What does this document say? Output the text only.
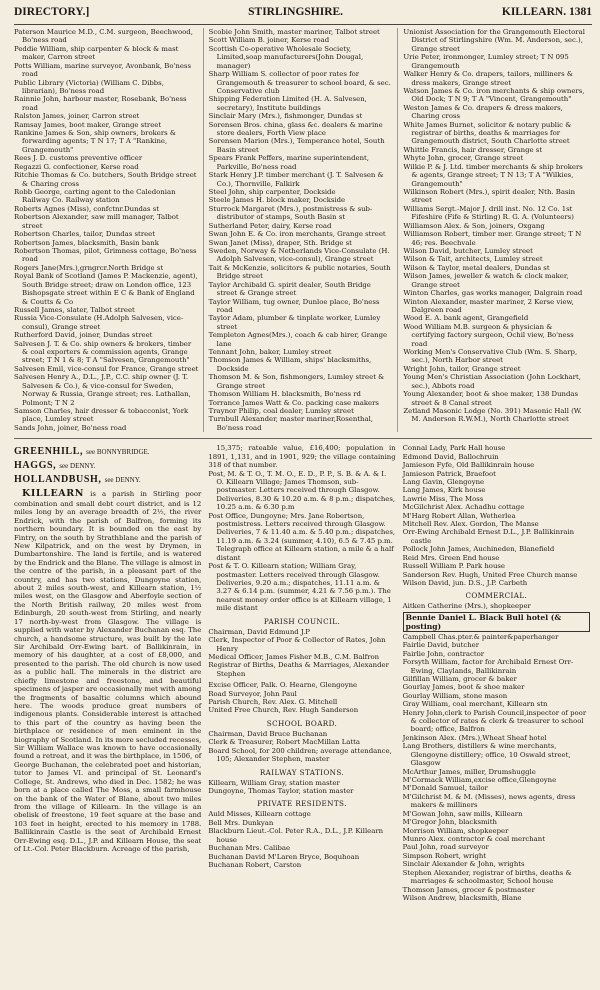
DIRECTORY.]	STIRLINGSHIRE.	KILLEARN. 1381

Paterson Maurice M.D., C.M. surgeon, Beechwood, Bo'ness road

Peddie William, ship carpenter & block & mast maker, Carron street

Potts William, marine surveyor, Avonbank, Bo'ness road

Public Library (Victoria) (William C. Dibbs, librarian), Bo'ness road

Rainnie John, harbour master, Rosebank, Bo'ness road

Ralston James, joiner, Carron street

Ramsay James, boot maker, Grange street

Rankine James & Son, ship owners, brokers & forwarding agents; T N 17; T A "Rankine, Grangemouth"

Rees J. D. customs preventive officer

Regazzi G. confectioner, Kerse road

Ritchie Thomas & Co. butchers, South Bridge street & Charing cross

Robb George, carting agent to the Caledonian Railway Co. Railway station

Roberts Agnes (Miss), confctnr.Dundas st

Robertson Alexander, saw mill manager, Talbot street

Robertson Charles, tailor, Dundas street

Robertson James, blacksmith, Basin bank

Robertson Thomas, pilot, Grimness cottage, Bo'ness road

Rogers Jane(Mrs.),grngrcr.North Bridge st

Royal Bank of Scotland (James P. Mackenzie, agent), South Bridge street; draw on London office, 123 Bishopsgate street within E C & Bank of England & Coutts & Co

Russell James, slater, Talbot street

Russia Vice-Consulate (H.Adolph Salvesen, vice-consul), Grange street

Rutherford David, joiner, Dundas street

Salvesen J. T. & Co. ship owners & brokers, timber & coal exporters & commission agents, Grange street; T N 1 & 8; T A "Salvesen, Grangemouth"

Salvesen Emil, vice-consul for France, Grange street

Salvesen Henry A., D.L., J.P., C.C. ship owner (J. T. Salvesen & Co.), & vice-consul for Sweden, Norway & Russia, Grange street; res. Lathallan, Polmont; T N 2

Samson Charles, hair dresser & tobacconist, York place, Lumley street

Sands John, joiner, Bo'ness road

Scobie John Smith, master mariner, Talbot street

Scott William B. joiner, Kerse road

Scottish Co-operative Wholesale Society, Limited,soap manufacturers(John Dougal, manager)

Sharp William S. collector of poor rates for Grangemouth & treasurer to school board, & sec. Conservative club

Shipping Federation Limited (H. A. Salvesen, secretary), Institute buildings

Sinclair Mary (Mrs.), fishmonger, Dundas st

Sorensen Bros. china, glass &c. dealers & marine store dealers, Forth View place

Sorensen Marion (Mrs.), Temperance hotel, South Basin street

Spears Frank Peffers, marine superintendent, Parkville, Bo'ness road

Stark Henry J.P. timber merchant (J. T. Salvesen & Co.), Thornville, Falkirk

Steel John, ship carpenter, Dockside

Steele James H. block maker, Dockside

Sturrock Margaret (Mrs.), postmistress & sub-distributor of stamps, South Basin st

Sutherland Peter, dairy, Kerse road

Swan John E. & Co. iron merchants, Grange street

Swan Janet (Miss), draper, Sth. Bridge st

Sweden, Norway & Netherlands Vice-Consulate (H. Adolph Salvesen, vice-consul), Grange street

Tait & McKenzie, solicitors & public notaries, South Bridge street

Taylor Archibald G. spirit dealer, South Bridge street & Grange street

Taylor William, tug owner, Dunloe place, Bo'ness road

Taylor Adam, plumber & tinplate worker, Lumley street

Templeton Agnes(Mrs.), coach & cab hirer, Grange lane

Tennant John, baker, Lumley street

Thomson James & William, ships' blacksmiths, Dockside

Thomson M. & Son, fishmongers, Lumley street & Grange street

Thomson William H. blacksmith, Bo'ness rd

Torrance James Watt & Co. packing case makers

Traynor Philip, coal dealer, Lumley street

Turnbull Alexander, master mariner,Rosenthal, Bo'ness road

Unionist Association for the Grangemouth Electoral District of Stirlingshire (Wm. M. Anderson, sec.), Grange street

Urie Peter, ironmonger, Lumley street; T N 095 Grangemouth

Walker Henry & Co. drapers, tailors, milliners & dress makers, Grange street

Watson James & Co. iron merchants & ship owners, Old Dock; T N 9; T A "Vincent, Grangemouth"

Weston James & Co. drapers & dress makers, Charing cross

White James Burnet, solicitor & notary public & registrar of births, deaths & marriages for Grangemouth district, South Charlotte street

Whittle Francis, hair dresser, Grange st

Whyte John, grocer, Grange street

Wilkie P. & J. Ltd. timber merchants & ship brokers & agents, Grange street; T N 13; T A "Wilkies, Grangemouth"

Wilkinson Robert (Mrs.), spirit dealer, Nth. Basin street

Williams Sergt.-Major J. drill inst. No. 12 Co. 1st Fifeshire (Fife & Stirling) R. G. A. (Volunteers)

Williamson Alex. & Son, joiners, Oxgang

Williamson Robert, timber mer. Grange street; T N 46; res. Beechvale

Wilson David, butcher, Lumley street

Wilson & Tait, architects, Lumley street

Wilson & Taylor, metal dealers, Dundas st

Wilson James, jeweller & watch & clock maker, Grange street

Winton Charles, gas works manager, Dalgrain road

Winton Alexander, master mariner, 2 Kerse view, Dalgreen road

Wood E. A. bank agent, Grangefield

Wood William M.B. surgeon & physician & certifying factory surgeon, Ochil view, Bo'ness road

Working Men's Conservative Club (Wm. S. Sharp, sec.), North Harbor street

Wright John, tailor, Grange street

Young Men's Christian Association (John Lockhart, sec.), Abbots road

Young Alexander, boot & shoe maker, 138 Dundas street & 8 Canal street

Zetland Masonic Lodge (No. 391) Masonic Hall (W. M. Anderson R.W.M.), North Charlotte street

GREENHILL, see BONNYBRIDGE.
HAGGS, see DENNY.
HOLLANDBUSH, see DENNY.

KILLEARN is a parish in Stirling poor combination and small debt court district, and is 12 miles long by an average breadth of 2½, the river Endrick, with the parish of Balfron, forming its northern boundary. It is bounded on the east by Fintry, on the south by Strathblane and the parish of New Kilpatrick, and on the west by Drymen, in Dumbartonshire. The land is fertile, and is watered by the Endrick and the Blane. The village is almost in the centre of the parish, in a pleasant part of the country, and has two stations, Dungoyne station, about 2 miles south-west, and Killearn station, 1½ miles west, on the Glasgow and Aberfoyle section of the North British railway, 20 miles west from Edinburgh, 20 south-west from Stirling, and nearly 17 north-by-west from Glasgow. The village is supplied with water by Alexander Buchanan esq. The church, a handsome structure, was built by the late Sir Archibald Orr-Ewing bart. of Ballikinrain, in memory of his daughter, at a cost of £8,000, and presented to the parish. The old church is now used as a public hall. The minerals in the district are chiefly limestone and freestone, and beautiful specimens of jasper are occasionally met with among the fragments of basaltic columns which abound here. The woods produce great numbers of indigenous plants. Considerable interest is attached to this part of the country as having been the birthplace or residence of men eminent in the biography of Scotland. In its more secluded recesses, Sir William Wallace was known to have occasionally found a retreat, and it was the birthplace, in 1506, of George Buchanan, the celebrated poet and historian, tutor to James VI. and principal of St. Leonard's College, St. Andrews, who died in Dec. 1582; he was born at a place called The Moss, a small farmhouse on the bank of the Water of Blane, about two miles from the village of Killearn. In the village is an obelisk of freestone, 19 feet square at the base and 103 feet in height, erected to his memory in 1788. Ballikinrain Castle is the seat of Archibald Ernest Orr-Ewing esq. D.L., J.P. and Killearn House, the seat of Lt.-Col. Peter Blackburn. Acreage of the parish,

15,375; rateable value, £16,400; population in 1891, 1,131, and in 1901, 929; the village containing 318 of that number.

Post, M. & T. O., T. M. O., E. D., P. P., S. B. & A. & I. O. Killearn Village; James Thomson, sub-postmaster. Letters received through Glasgow. Deliveries, 8.30 & 10.20 a.m. & 8 p.m.; dispatches, 10.25 a.m. & 6.30 p.m

Post Office, Dungoyne; Mrs. Jane Robertson, postmistress. Letters received through Glasgow. Deliveries, 7 & 11.40 a.m. & 5.40 p.m.; dispatches, 11.19 a.m. & 3.24 (summer, 4.10), 6.5 & 7.45 p.m. Telegraph office at Killearn station, a mile & a half distant

Post & T. O. Killearn station; William Gray, postmaster. Letters received through Glasgow. Deliveries, 9.20 a.m.; dispatches, 11.11 a.m. & 3.27 & 6.14 p.m. (summer, 4.21 & 7.56 p.m.). The nearest money order office is at Killearn village, 1 mile distant

PARISH COUNCIL.

Chairman, David Edmund J.P

Clerk, Inspector of Poor & Collector of Rates, John Henry

Medical Officer, James Fisher M.B., C.M. Balfron

Registrar of Births, Deaths & Marriages, Alexander Stephen

Excise Officer, Palk. O. Hearne, Glengoyne

Road Surveyor, John Paul

Parish Church, Rev. Alex. G. Mitchell

United Free Church, Rev. Hugh Sanderson

SCHOOL BOARD.

Chairman, David Bruce Buchanan

Clerk & Treasurer, Robert MacMillan Latta

Board School, for 200 children; average attendance, 105; Alexander Stephen, master

RAILWAY STATIONS.

Killearn, William Gray, station master

Dungoyne, Thomas Taylor, station master

PRIVATE RESIDENTS.

Auld Misses, Killearn cottage

Bell Mrs. Dunkyan

Blackburn Lieut.-Col. Peter R.A., D.L., J.P. Killearn house

Buchanan Mrs. Calibae

Buchanan David M'Laren Bryce, Boquhoan

Buchanan Robert, Carston

Connal Lady, Park Hall house

Edmond David, Ballochruin

Jamieson Fyfe, Old Ballikinrain house

Jamieson Patrick, Braefoot

Lang Gavin, Glengoyne

Lang James, Kirk house

Lawrie Miss, The Moss

McGilchrist Alex. Achadhu cottage

M'Harg Robert Allan, Wetherlea

Mitchell Rev. Alex. Gordon, The Manse

Orr-Ewing Archibald Ernest D.L., J.P. Ballikinrain castle

Pollock John James, Auchineden, Blanefield

Reid Mrs. Green End house

Russell William P. Park house

Sanderson Rev. Hugh, United Free Church manse

Wilson David, jun. D.S., J.P. Carbeth

COMMERCIAL.

Aitken Catherine (Mrs.), shopkeeper

Bennie Daniel L. Black Bull hotel (& posting)

Campbell Chas.pter.& painter&paperhanger

Fairlie David, butcher

Fairlie John, contractor

Forsyth William, factor for Archibald Ernest Orr-Ewing, Claylands, Ballikinrain

Gilfillan William, grocer & baker

Gourlay James, boot & shoe maker

Gourlay William, stone mason

Gray William, coal merchant, Killearn stn

Henry John,clerk to Parish Council,inspector of poor & collector of rates & clerk & treasurer to school board; office, Balfron

Jenkinson Alex. (Mrs.),Wheat Sheaf hotel

Lang Brothers, distillers & wine merchants, Glengoyne distillery; office, 10 Oswald street, Glasgow

McArthur James, miller, Drumshuggle

M'Cormack William,excise office,Glengoyne

M'Donald Samuel, tailor

M'Gilchrist M. & M. (Misses), news agents, dress makers & milliners

M'Gowan John, saw mills, Killearn

M'Gregor John, blacksmith

Morrison William, shopkeeper

Munro Alex. contractor & coal merchant

Paul John, road surveyor

Simpson Robert, wright

Sinclair Alexander & John, wrights

Stephen Alexander, registrar of births, deaths & marriages & schoolmaster, School house

Thomson James, grocer & postmaster

Wilson Andrew, blacksmith, Blane
